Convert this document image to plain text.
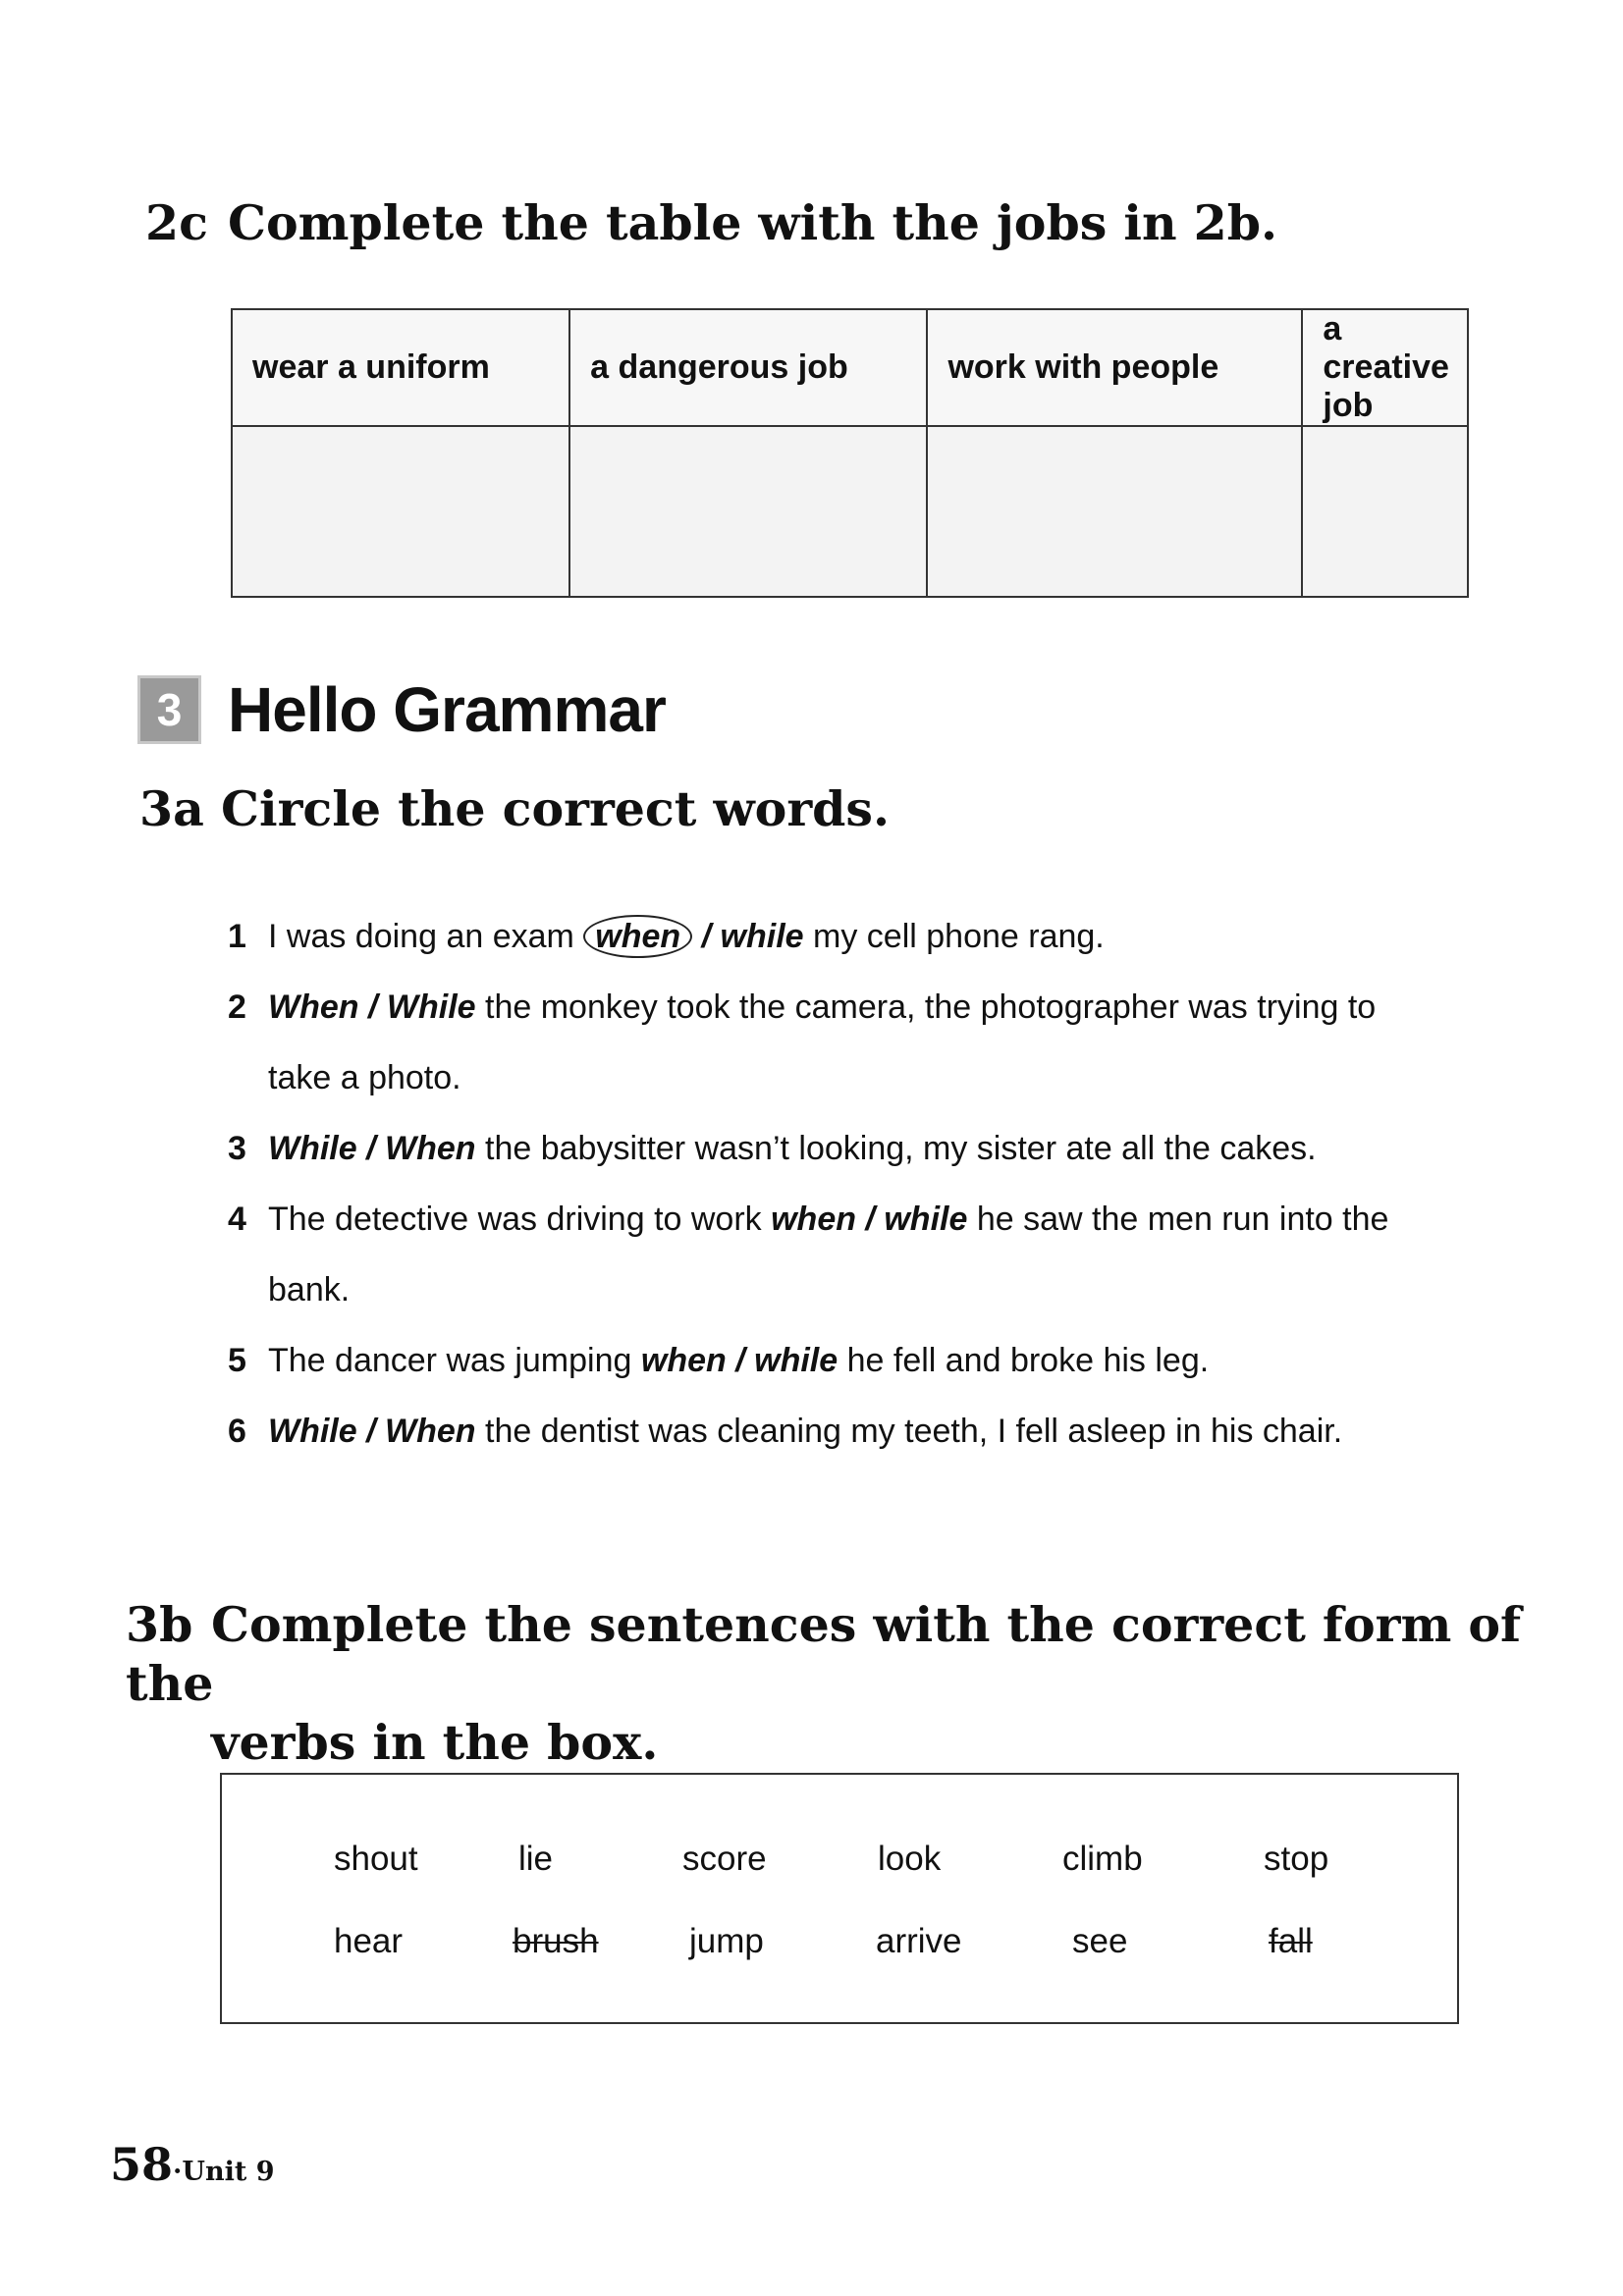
2c Complete the table with the jobs in 2b.
wear a uniform	a dangerous job	work with people	a creative job

3 Hello Grammar
3a Circle the correct words.
1 I was doing an exam when / while my cell phone rang.
2 When / While the monkey took the camera, the photographer was trying to
take a photo.
3 While / When the babysitter wasn’t looking, my sister ate all the cakes.
4 The detective was driving to work when / while he saw the men run into the
bank.
5 The dancer was jumping when / while he fell and broke his leg.
6 While / When the dentist was cleaning my teeth, I fell asleep in his chair.
3b Complete the sentences with the correct form of the
verbs in the box.
shout	lie	score	look	climb	stop
hear	brush	jump	arrive	see	fall
58·Unit 9
